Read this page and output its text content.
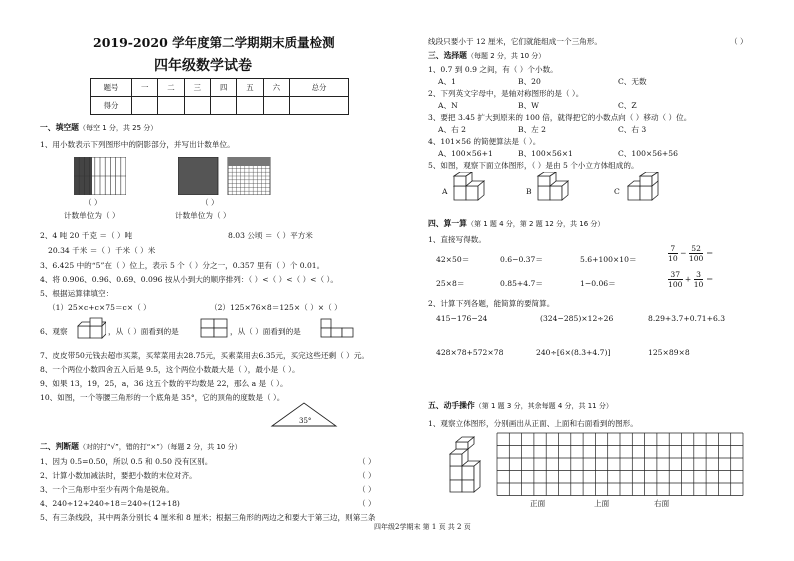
2019-2020 学年度第二学期期末质量检测
四年级数学试卷
题号	一	二	三	四	五	六	总分
得分							
一、填空题（每空 1 分，共 25 分）
1、用小数表示下列图形中的阴影部分，并写出计数单位。
（ ）
计数单位为（ ）
（ ）
计数单位为（ ）
2、4 吨 20 千克 ＝（ ）吨	8.03 公顷 ＝（ ）平方米
20.34 千米 ＝（ ）千米（ ）米
3、6.425 中的“5”在（ ）位上，表示 5 个（ ）分之一，0.357 里有（ ）个 0.01。
4、将 0.906、0.96、0.69、0.096 按从小到大的顺序排列：（ ）<（ ）<（ ）<（ ）。
5、根据运算律填空：
（1）25×c+c×75＝c×（ ）	（2）125×76×8＝125×（ ）×（ ）
6、观察	，从（ ）面看到的是	，从（ ）面看到的是
7、皮皮带50元钱去超市买菜，买荤菜用去28.75元，买素菜用去6.35元，买完这些还剩（ ）元。
8、一个两位小数四舍五入后是 9.5，这个两位小数最大是（ ），最小是（ ）。
9、如果 13，19，25，a，36 这五个数的平均数是 22，那么 a 是（ ）。
10、如图，一个等腰三角形的一个底角是 35°，它的顶角的度数是（ ）。
35°
二、判断题（对的打“√”，错的打“×”）（每题 2 分，共 10 分）
1、因为 0.5=0.50，所以 0.5 和 0.50 没有区别。
2、计算小数加减法时，要把小数的末位对齐。
3、一个三角形中至少有两个角是锐角。
4、240÷12+240÷18＝240÷(12+18)
5、有三条线段，其中两条分别长 4 厘米和 8 厘米；根据三角形的两边之和要大于第三边，则第三条
（ ）
（ ）
（ ）
（ ）
线段只要小于 12 厘米，它们就能组成一个三角形。	（ ）
三、选择题（每题 2 分，共 10 分）
1、0.7 到 0.9 之间，有（ ）个小数。
A、1	B、20	C、无数
2、下列英文字母中，是轴对称图形的是（ ）。
A、N	B、W	C、Z
3、要把 3.45 扩大到原来的 100 倍，就得把它的小数点向（ ）移动（ ）位。
A、右 2	B、左 2	C、右 3
4、101×56 的简便算法是（ ）。
A、100×56+1	B、100×56×1	C、100×56+56
5、如图，观察下面立体图形，（ ）是由 5 个小立方体组成的。
A	B	C
四、算一算（第 1 题 4 分，第 2 题 12 分，共 16 分）
1、直接写得数。
42×50＝	0.6−0.37＝	5.6+100×10＝
25×8＝	0.85+4.7＝	1−0.06＝
$\frac{7}{10} - \frac{52}{100}$ ＝
$\frac{37}{100} + \frac{3}{10}$ ＝
2、计算下列各题，能简算的要简算。
415−176−24	(324−285)×12÷26	8.29+3.7+0.71+6.3
428×78+572×78	240÷[6×(8.3+4.7)]	125×89×8
五、动手操作（第 1 题 3 分，其余每题 4 分，共 11 分）
1、观察立体图形，分别画出从正面、上面和右面看到的图形。
正面	上面	右面
四年级2学期末 第 1 页 共 2 页
